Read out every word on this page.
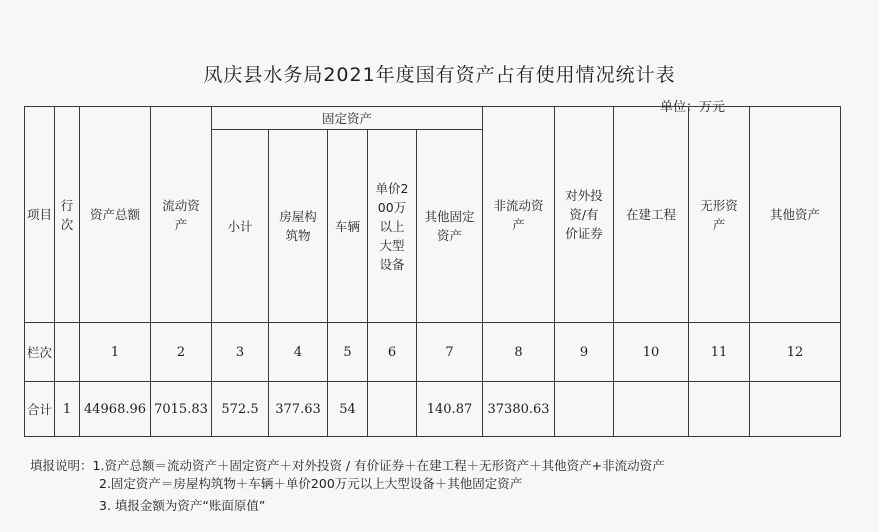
凤庆县水务局2021年度国有资产占有使用情况统计表
单位：万元
项目	行次	资产总额	流动资产	固定资产					非流动资产	对外投资/有价证券	在建工程	无形资产	其他资产
				小计	房屋构筑物	车辆	单价200万以上大型设备	其他固定资产					
栏次		1	2	3	4	5	6	7	8	9	10	11	12
合计	1	44968.96	7015.83	572.5	377.63	54		140.87	37380.63				
填报说明：1.资产总额＝流动资产＋固定资产＋对外投资 / 有价证券＋在建工程＋无形资产＋其他资产+非流动资产
2.固定资产＝房屋构筑物＋车辆＋单价200万元以上大型设备＋其他固定资产
3. 填报金额为资产“账面原值”
